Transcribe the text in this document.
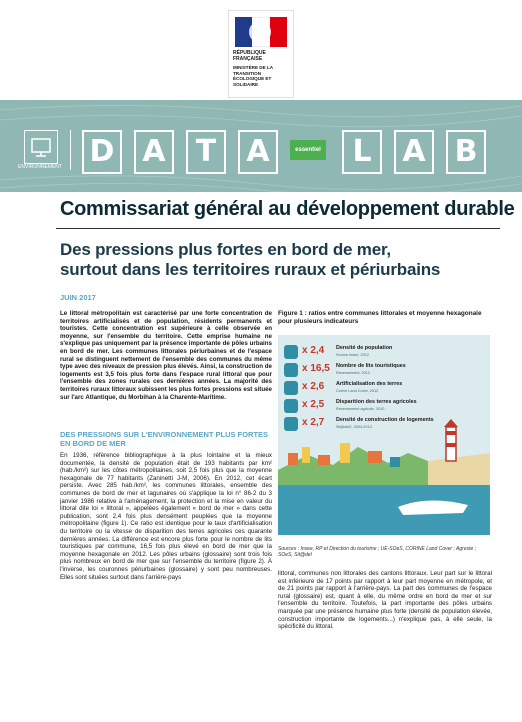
RÉPUBLIQUE FRANÇAISE
MINISTÈRE DE LA TRANSITION ÉCOLOGIQUE ET SOLIDAIRE
ENVIRONNEMENT D A	T	A	essentiel	L	A B
Commissariat général au développement durable
Des pressions plus fortes en bord de mer,
surtout dans les territoires ruraux et périurbains
JUIN 2017
Le littoral métropolitain est caractérisé par une forte concentration de territoires artificialisés et de population, résidents permanents et touristes. Cette concentration est supérieure à celle observée en moyenne, sur l'ensemble du territoire. Cette emprise humaine ne s'explique pas uniquement par la présence importante de pôles urbains en bord de mer. Les communes littorales périurbaines et de l'espace rural se distinguent nettement de l'ensemble des communes du même type avec des niveaux de pression plus élevés. Ainsi, la construction de logements est 3,5 fois plus forte dans l'espace rural littoral que pour l'ensemble des zones rurales ces dernières années. La majorité des territoires ruraux littoraux subissent les plus fortes pressions est située sur l'arc Atlantique, du Morbihan à la Charente-Maritime.
DES PRESSIONS SUR L'ENVIRONNEMENT PLUS FORTES EN BORD DE MER
En 1936, référence bibliographique à la plus lointaine et la mieux documentée, la densité de population était de 193 habitants par km² (hab./km²) sur les côtes métropolitaines, soit 2,5 fois plus que la moyenne hexagonale de 77 habitants (Zaninetti J-M, 2006). En 2012, cet écart persiste. Avec 285 hab./km², les communes littorales, ensemble des communes de bord de mer et lagunaires où s'applique la loi n° 86-2 du 3 janvier 1986 relative à l'aménagement, la protection et la mise en valeur du littoral dite loi « littoral », appelées également « bord de mer » dans cette publication, sont 2,4 fois plus densément peuplées que la moyenne métropolitaine (figure 1). Ce ratio est identique pour le taux d'artificialisation du territoire ou la vitesse de disparition des terres agricoles ces quarante dernières années. La différence est encore plus forte pour le nombre de lits touristiques par commune, 16,5 fois plus élevé en bord de mer que la moyenne hexagonale en 2012. Les pôles urbains (glossaire) sont trois fois plus nombreux en bord de mer que sur l'ensemble du territoire (figure 2). À l'inverse, les couronnes périurbaines (glossaire) y sont peu nombreuses. Elles sont situées surtout dans l'arrière-pays
Figure 1 : ratios entre communes littorales et moyenne hexagonale pour plusieurs indicateurs
x 2,4	Densité de population
Source Insee, 2012
x 16,5	Nombre de lits touristiques
Recensement, 2012
x 2,6	Artificialisation des terres
Corine Land Cover, 2012
x 2,5	Disparition des terres agricoles
Recensement agricole, 2010
x 2,7	Densité de construction de logements
Sit@del2, 2004-2013
Sources : Insee, RP et Direction du tourisme ; UE-SOeS, CORINE Land Cover ; Agreste ; SOeS, Sit@del
littoral, communes non littorales des cantons littoraux. Leur part sur le littoral est inférieure de 17 points par rapport à leur part moyenne en métropole, et de 21 points par rapport à l'arrière-pays. La part des communes de l'espace rural (glossaire) est, quant à elle, du même ordre en bord de mer et sur l'ensemble du territoire. Toutefois, la part importante des pôles urbains marquée par une présence humaine plus forte (densité de population élevée, construction importante de logements...) n'explique pas, à elle seule, la spécificité du littoral.
